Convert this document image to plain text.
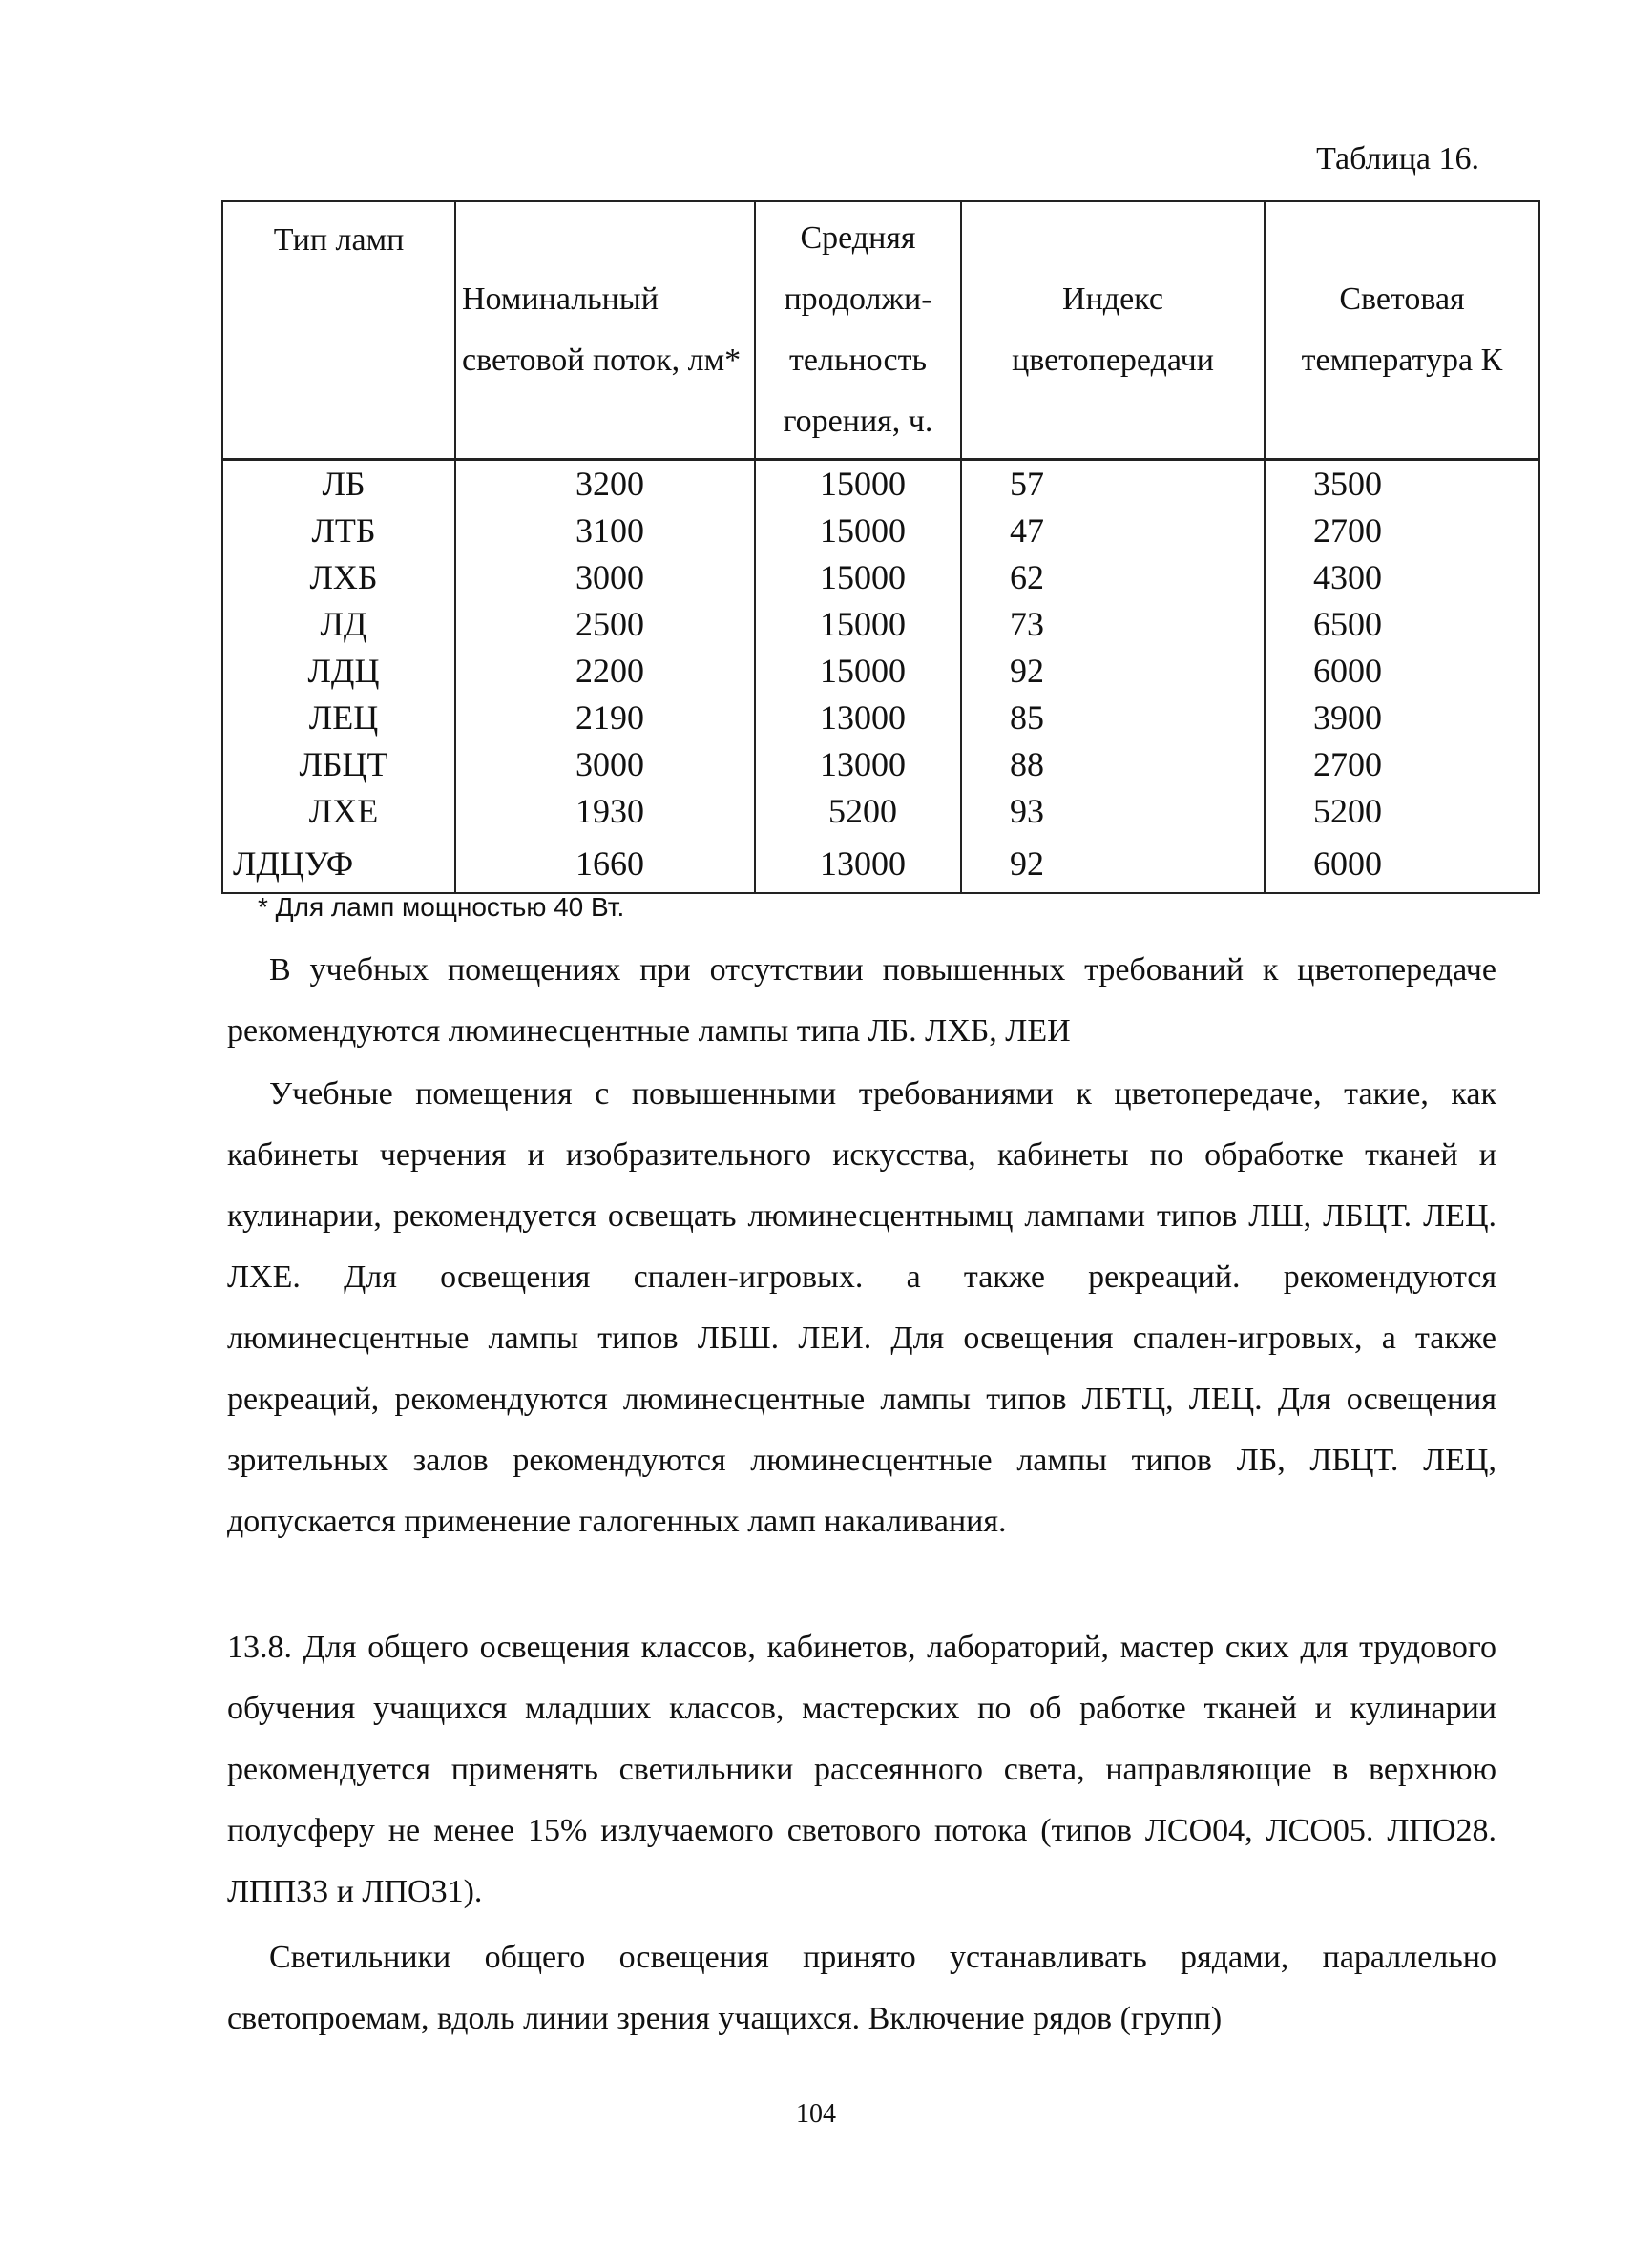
Таблица 16.
Тип ламп	Номинальный световой поток, лм*	Средняя продолжи-тельность горения, ч.	Индекс цветопередачи	Световая температура К
ЛБ	3200	15000	57	3500
ЛТБ	3100	15000	47	2700
ЛХБ	3000	15000	62	4300
ЛД	2500	15000	73	6500
ЛДЦ	2200	15000	92	6000
ЛЕЦ	2190	13000	85	3900
ЛБЦТ	3000	13000	88	2700
ЛХЕ	1930	5200	93	5200
ЛДЦУФ	1660	13000	92	6000
* Для ламп мощностью 40 Вт.

В учебных помещениях при отсутствии повышенных требований к цветопередаче рекомендуются люминесцентные лампы типа ЛБ. ЛХБ, ЛЕИ

Учебные помещения с повышенными требованиями к цветопередаче, такие, как кабинеты черчения и изобразительного искусства, кабинеты по обработке тканей и кулинарии, рекомендуется освещать люминесцентнымц лампами типов ЛШ, ЛБЦТ. ЛЕЦ. ЛХЕ. Для освещения спален-игровых. а также рекреаций. рекомендуются люминесцентные лампы типов ЛБШ. ЛЕИ. Для освещения спален-игровых, а также рекреаций, рекомeндуются люминесцентные лампы типов ЛБТЦ, ЛЕЦ. Для освещения зрительных залов рекомендуются люминесцентные лампы типов ЛБ, ЛБЦТ. ЛЕЦ, допускается применение галогенных ламп накаливания.

13.8. Для общего освещения классов, кабинетов, лабораторий, мастер ских для трудового обучения учащихся младших классов, мастерских по об работке тканей и кулинарии рекомендуется применять светильники рассеянного света, направляющие в верхнюю полусферу не менее 15% излучаемого светового потока (типов ЛСО04, ЛСО05. ЛПО28. ЛППЗЗ и ЛПО31).

Светильники общего освещения принято устанавливать рядами, параллельно светопроемам, вдоль линии зрения учащихся. Включение рядов (групп)

104
